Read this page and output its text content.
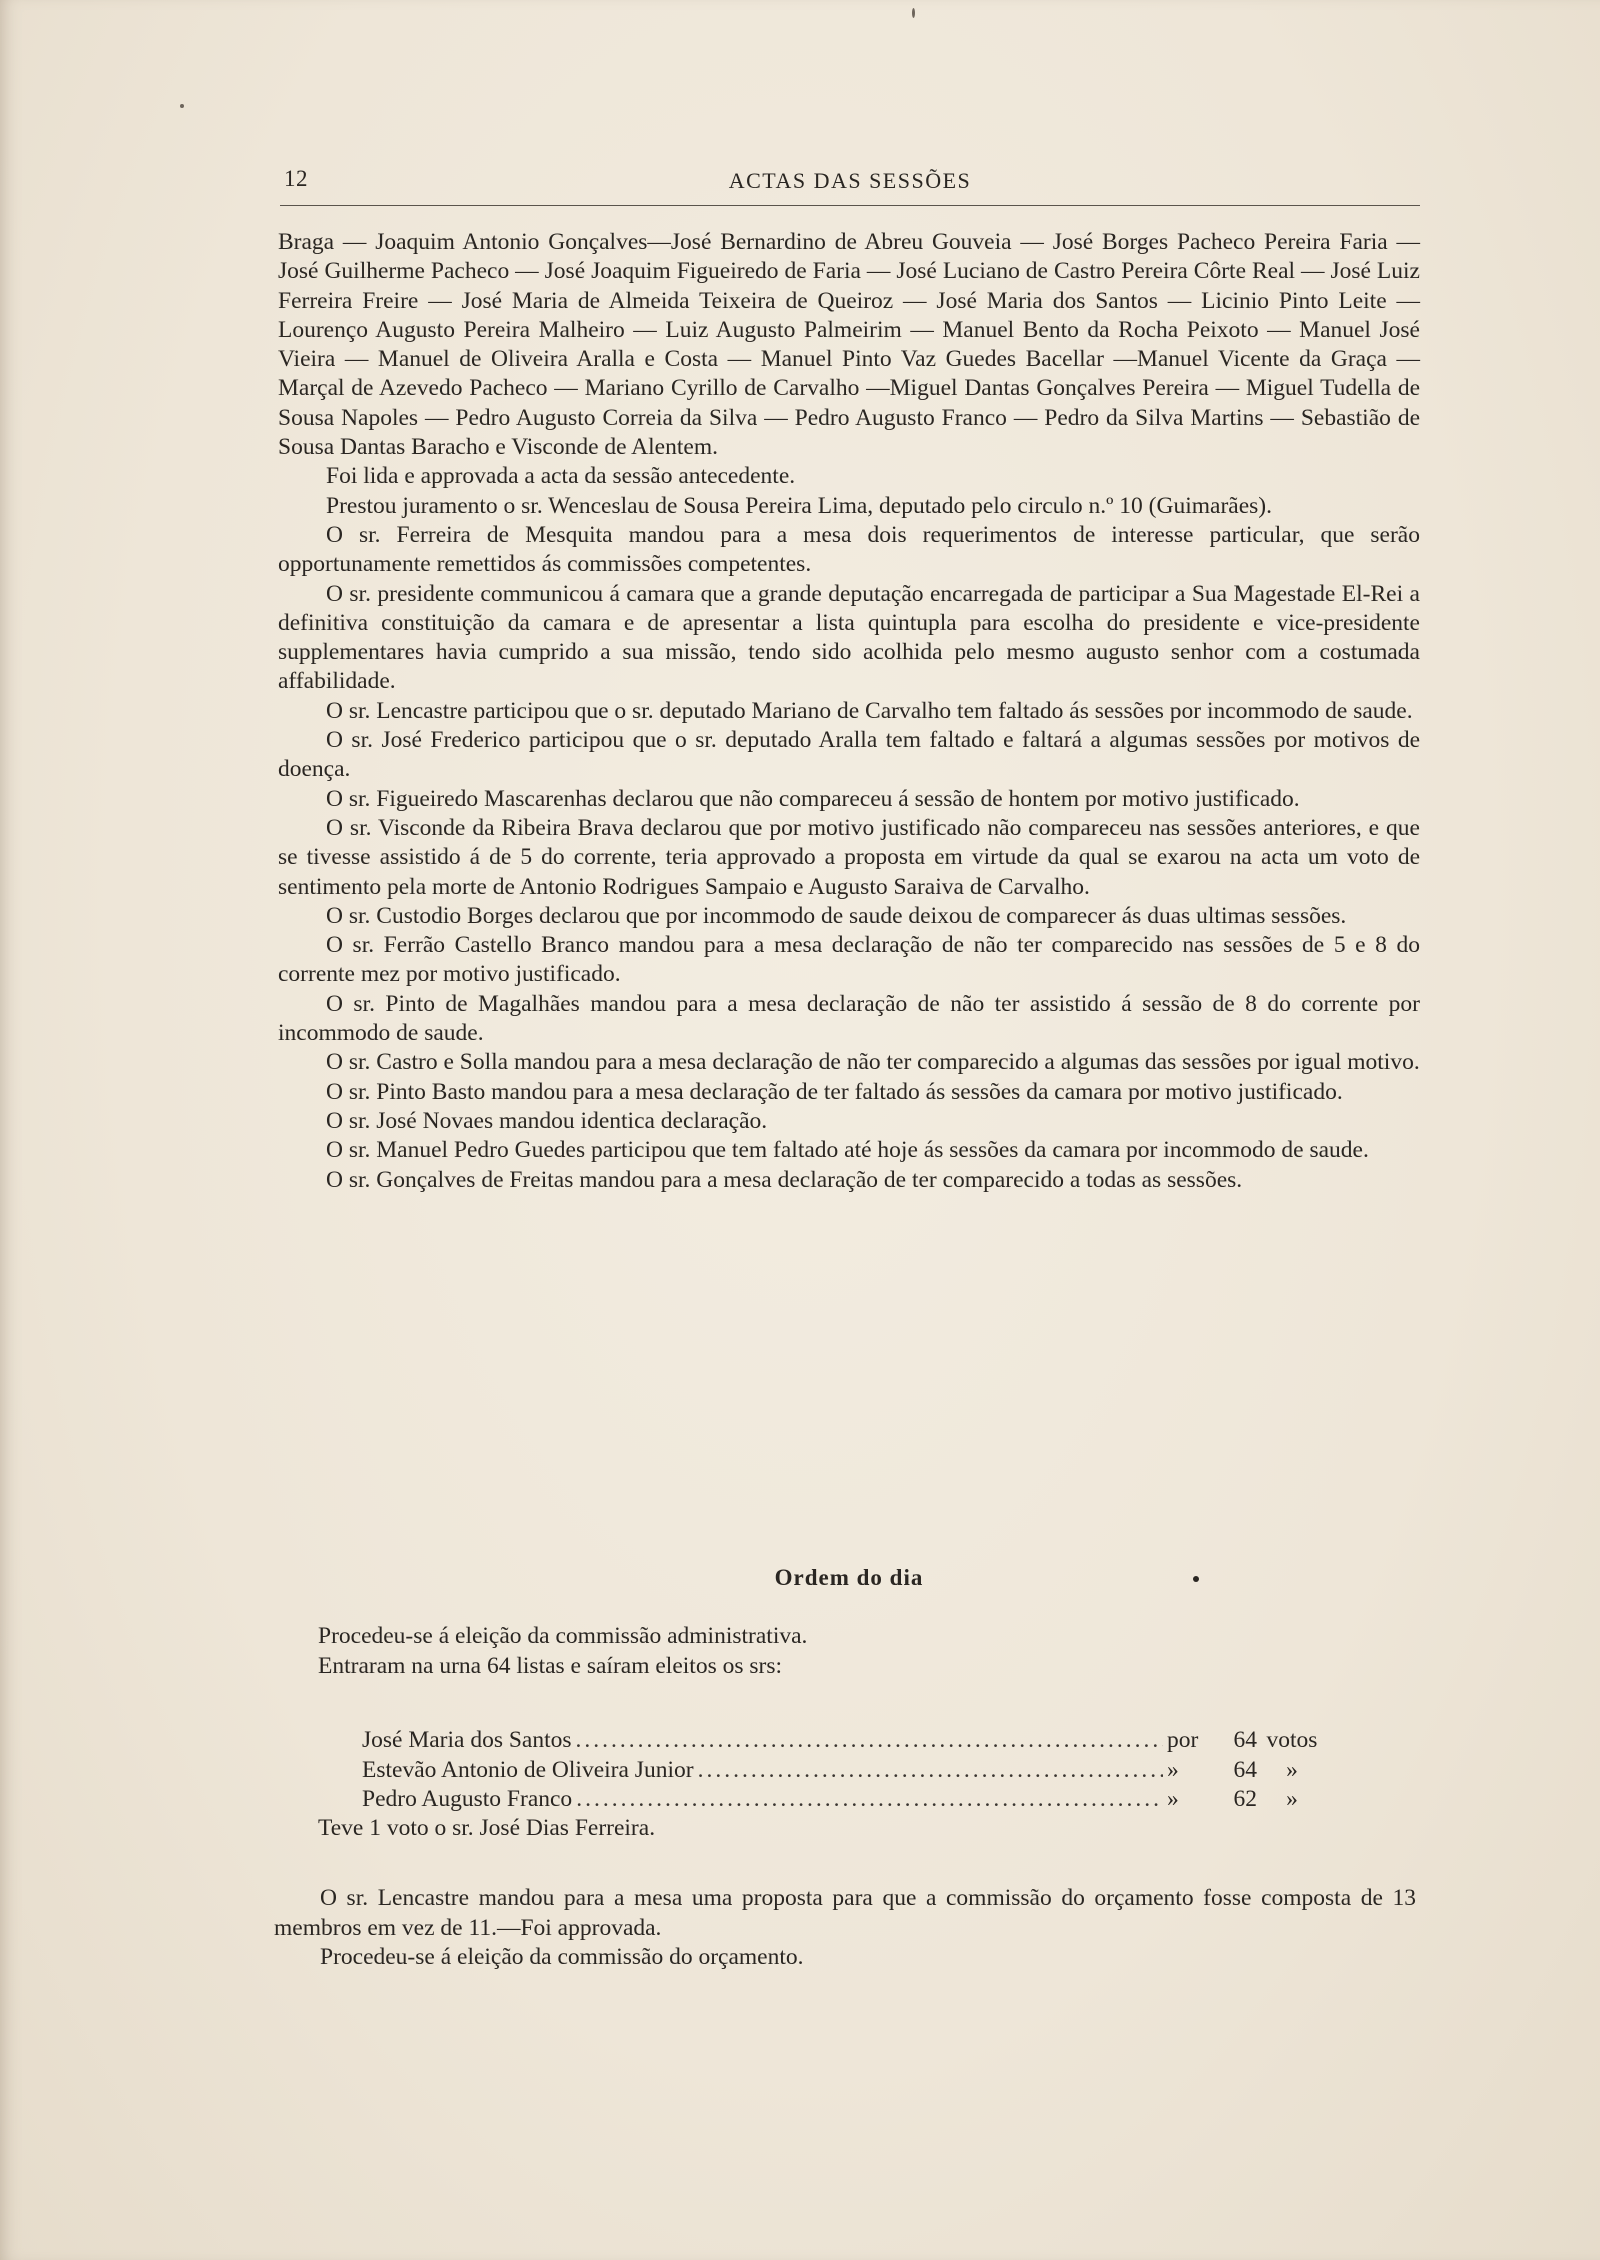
12	ACTAS DAS SESSÕES

Braga — Joaquim Antonio Gonçalves—José Bernardino de Abreu Gouveia — José Borges Pacheco Pereira Faria — José Guilherme Pacheco — José Joaquim Figueiredo de Faria — José Luciano de Castro Pereira Côrte Real — José Luiz Ferreira Freire — José Maria de Almeida Teixeira de Queiroz — José Maria dos Santos — Licinio Pinto Leite — Lourenço Augusto Pereira Malheiro — Luiz Augusto Palmeirim — Manuel Bento da Rocha Peixoto — Manuel José Vieira — Manuel de Oliveira Aralla e Costa — Manuel Pinto Vaz Guedes Bacellar —Manuel Vicente da Graça — Marçal de Azevedo Pacheco — Mariano Cyrillo de Carvalho —Miguel Dantas Gonçalves Pereira — Miguel Tudella de Sousa Napoles — Pedro Augusto Correia da Silva — Pedro Augusto Franco — Pedro da Silva Martins — Sebastião de Sousa Dantas Baracho e Visconde de Alentem.

Foi lida e approvada a acta da sessão antecedente.

Prestou juramento o sr. Wenceslau de Sousa Pereira Lima, deputado pelo circulo n.º 10 (Guimarães).

O sr. Ferreira de Mesquita mandou para a mesa dois requerimentos de interesse particular, que serão opportunamente remettidos ás commissões competentes.

O sr. presidente communicou á camara que a grande deputação encarregada de participar a Sua Magestade El-Rei a definitiva constituição da camara e de apresentar a lista quintupla para escolha do presidente e vice-presidente supplementares havia cumprido a sua missão, tendo sido acolhida pelo mesmo augusto senhor com a costumada affabilidade.

O sr. Lencastre participou que o sr. deputado Mariano de Carvalho tem faltado ás sessões por incommodo de saude.

O sr. José Frederico participou que o sr. deputado Aralla tem faltado e faltará a algumas sessões por motivos de doença.

O sr. Figueiredo Mascarenhas declarou que não compareceu á sessão de hontem por motivo justificado.

O sr. Visconde da Ribeira Brava declarou que por motivo justificado não compareceu nas sessões anteriores, e que se tivesse assistido á de 5 do corrente, teria approvado a proposta em virtude da qual se exarou na acta um voto de sentimento pela morte de Antonio Rodrigues Sampaio e Augusto Saraiva de Carvalho.

O sr. Custodio Borges declarou que por incommodo de saude deixou de comparecer ás duas ultimas sessões.

O sr. Ferrão Castello Branco mandou para a mesa declaração de não ter comparecido nas sessões de 5 e 8 do corrente mez por motivo justificado.

O sr. Pinto de Magalhães mandou para a mesa declaração de não ter assistido á sessão de 8 do corrente por incommodo de saude.

O sr. Castro e Solla mandou para a mesa declaração de não ter comparecido a algumas das sessões por igual motivo.

O sr. Pinto Basto mandou para a mesa declaração de ter faltado ás sessões da camara por motivo justificado.

O sr. José Novaes mandou identica declaração.

O sr. Manuel Pedro Guedes participou que tem faltado até hoje ás sessões da camara por incommodo de saude.

O sr. Gonçalves de Freitas mandou para a mesa declaração de ter comparecido a todas as sessões.

Ordem do dia

Procedeu-se á eleição da commissão administrativa.

Entraram na urna 64 listas e saíram eleitos os srs:

José Maria dos Santos .....	por	64 votos
Estevão Antonio de Oliveira Junior .....	»	64	»
Pedro Augusto Franco .....	»	62	»
Teve 1 voto o sr. José Dias Ferreira.

O sr. Lencastre mandou para a mesa uma proposta para que a commissão do orçamento fosse composta de 13 membros em vez de 11.—Foi approvada.

Procedeu-se á eleição da commissão do orçamento.
